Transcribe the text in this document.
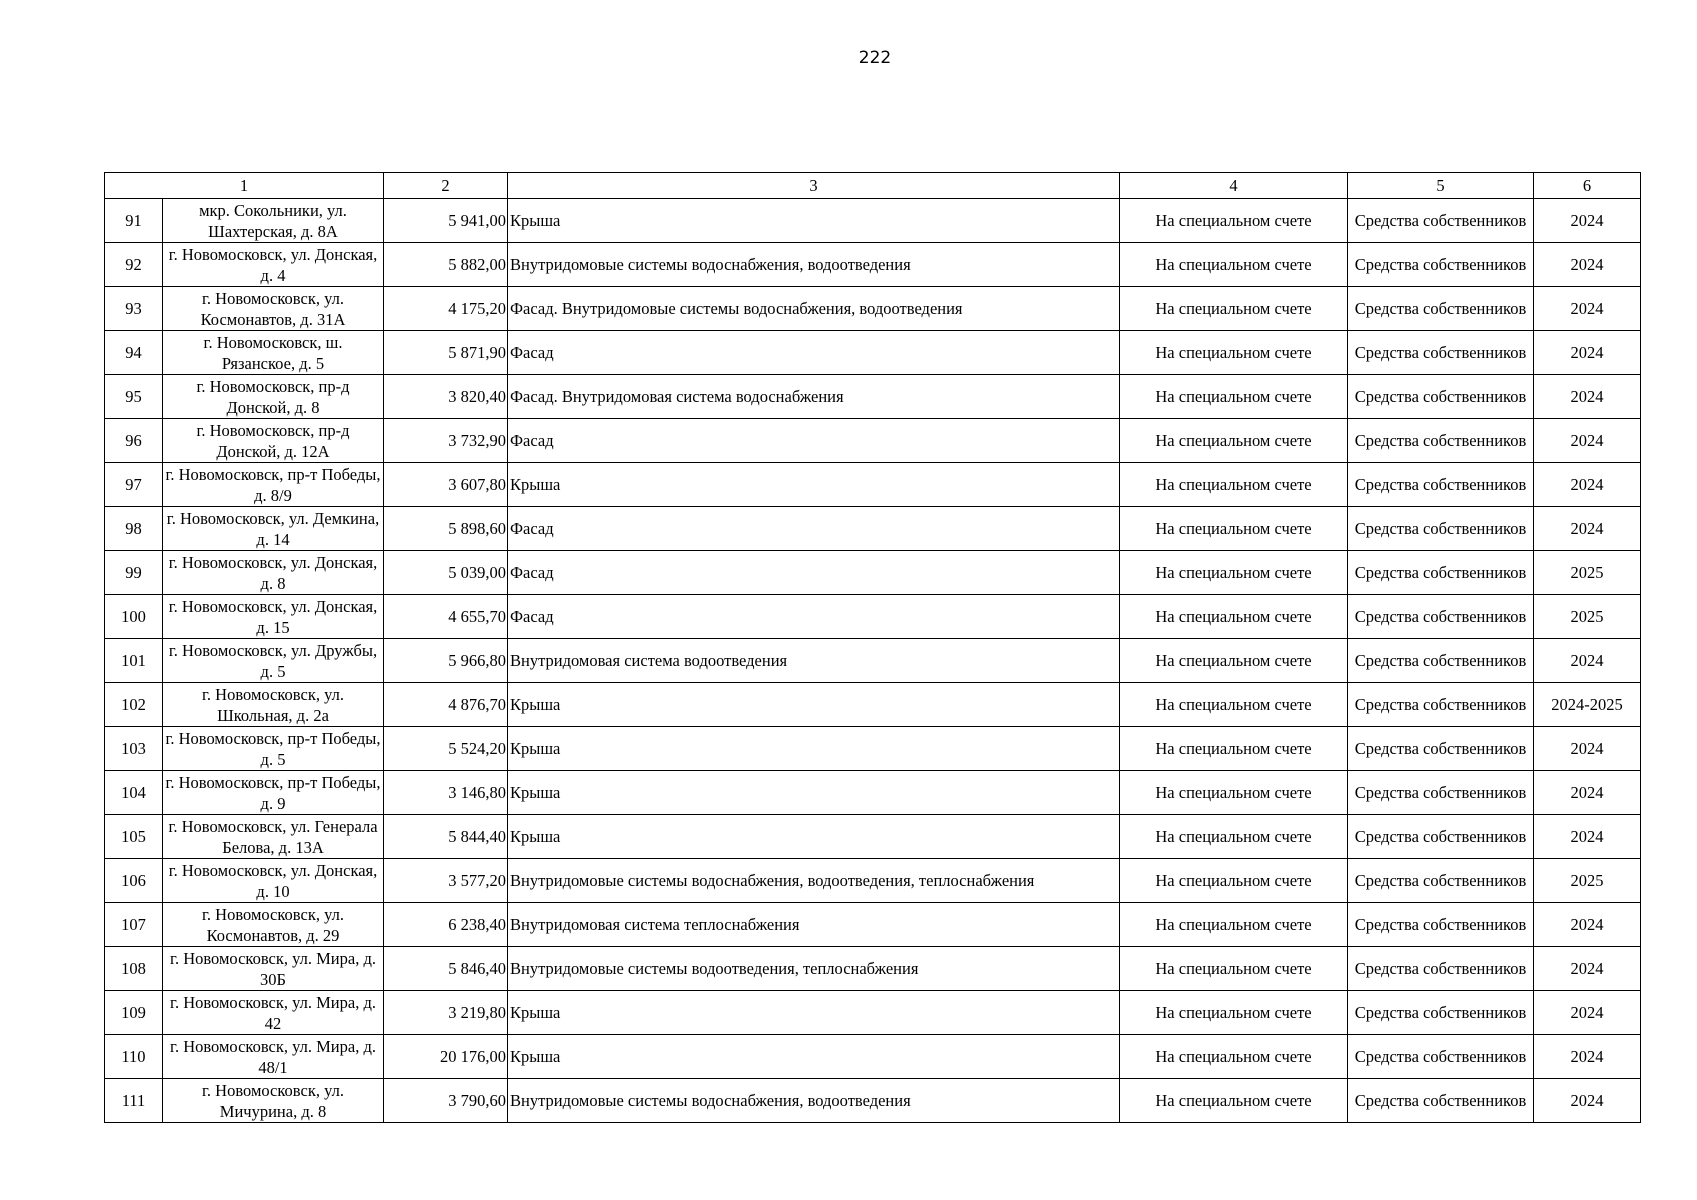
222
1		2	3	4	5	6
91	мкр. Сокольники, ул. Шахтерская, д. 8А	5 941,00	Крыша	На специальном счете	Средства собственников	2024
92	г. Новомосковск, ул. Донская, д. 4	5 882,00	Внутридомовые системы водоснабжения, водоотведения	На специальном счете	Средства собственников	2024
93	г. Новомосковск, ул. Космонавтов, д. 31А	4 175,20	Фасад. Внутридомовые системы водоснабжения, водоотведения	На специальном счете	Средства собственников	2024
94	г. Новомосковск, ш. Рязанское, д. 5	5 871,90	Фасад	На специальном счете	Средства собственников	2024
95	г. Новомосковск, пр-д Донской, д. 8	3 820,40	Фасад. Внутридомовая система водоснабжения	На специальном счете	Средства собственников	2024
96	г. Новомосковск, пр-д Донской, д. 12А	3 732,90	Фасад	На специальном счете	Средства собственников	2024
97	г. Новомосковск, пр-т Победы, д. 8/9	3 607,80	Крыша	На специальном счете	Средства собственников	2024
98	г. Новомосковск, ул. Демкина, д. 14	5 898,60	Фасад	На специальном счете	Средства собственников	2024
99	г. Новомосковск, ул. Донская, д. 8	5 039,00	Фасад	На специальном счете	Средства собственников	2025
100	г. Новомосковск, ул. Донская, д. 15	4 655,70	Фасад	На специальном счете	Средства собственников	2025
101	г. Новомосковск, ул. Дружбы, д. 5	5 966,80	Внутридомовая система водоотведения	На специальном счете	Средства собственников	2024
102	г. Новомосковск, ул. Школьная, д. 2а	4 876,70	Крыша	На специальном счете	Средства собственников	2024-2025
103	г. Новомосковск, пр-т Победы, д. 5	5 524,20	Крыша	На специальном счете	Средства собственников	2024
104	г. Новомосковск, пр-т Победы, д. 9	3 146,80	Крыша	На специальном счете	Средства собственников	2024
105	г. Новомосковск, ул. Генерала Белова, д. 13А	5 844,40	Крыша	На специальном счете	Средства собственников	2024
106	г. Новомосковск, ул. Донская, д. 10	3 577,20	Внутридомовые системы водоснабжения, водоотведения, теплоснабжения	На специальном счете	Средства собственников	2025
107	г. Новомосковск, ул. Космонавтов, д. 29	6 238,40	Внутридомовая система теплоснабжения	На специальном счете	Средства собственников	2024
108	г. Новомосковск, ул. Мира, д. 30Б	5 846,40	Внутридомовые системы водоотведения, теплоснабжения	На специальном счете	Средства собственников	2024
109	г. Новомосковск, ул. Мира, д. 42	3 219,80	Крыша	На специальном счете	Средства собственников	2024
110	г. Новомосковск, ул. Мира, д. 48/1	20 176,00	Крыша	На специальном счете	Средства собственников	2024
111	г. Новомосковск, ул. Мичурина, д. 8	3 790,60	Внутридомовые системы водоснабжения, водоотведения	На специальном счете	Средства собственников	2024
